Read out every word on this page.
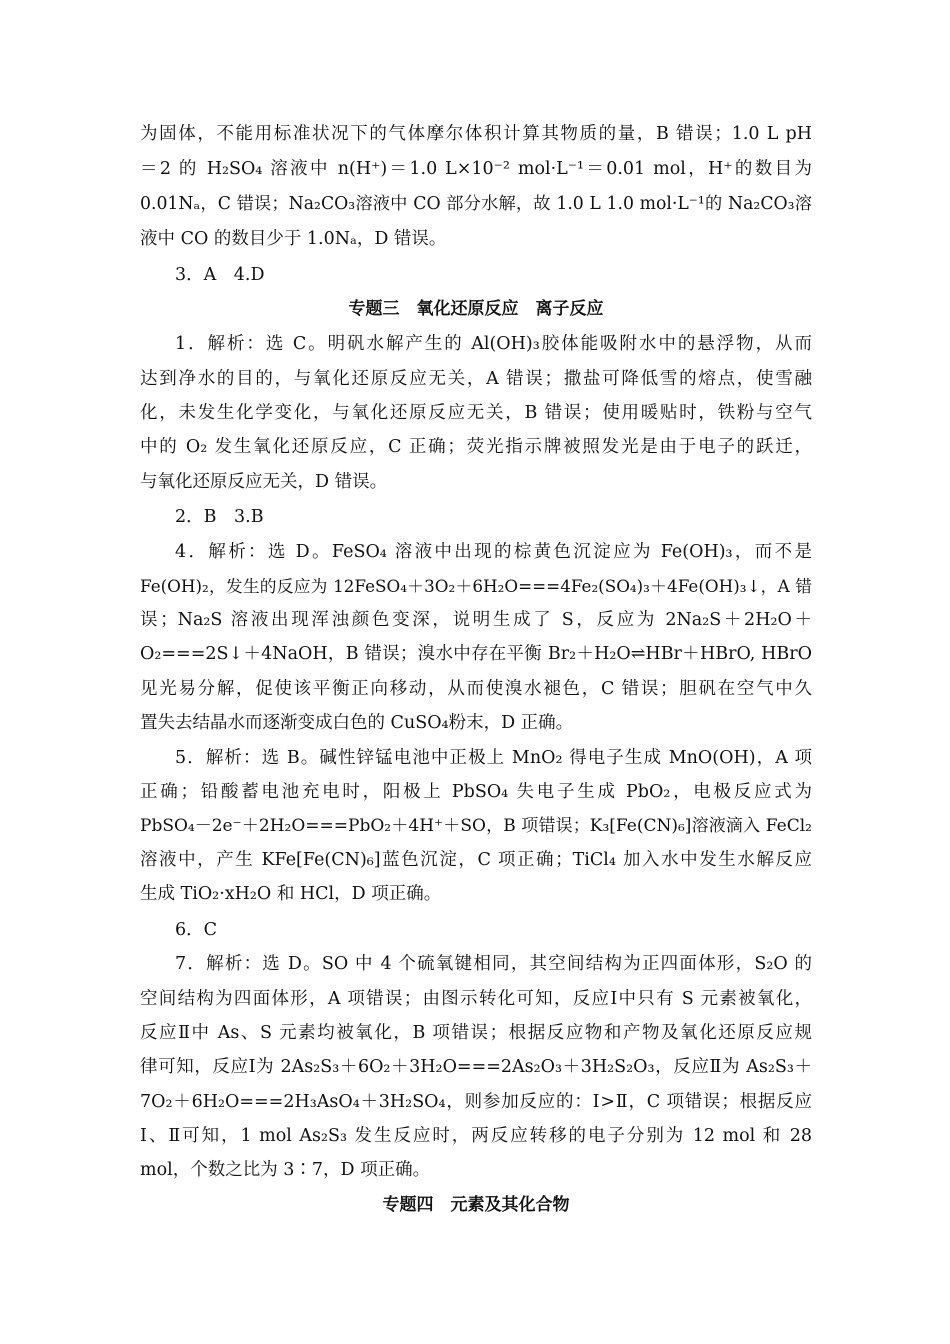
为固体，不能用标准状况下的气体摩尔体积计算其物质的量，B 错误；1.0 L pH
＝2 的 H₂SO₄ 溶液中 n(H⁺)＝1.0 L×10⁻² mol·L⁻¹＝0.01 mol，H⁺的数目为
0.01Nₐ，C 错误；Na₂CO₃溶液中 CO 部分水解，故 1.0 L 1.0 mol·L⁻¹的 Na₂CO₃溶
液中 CO 的数目少于 1.0Nₐ，D 错误。
3．A　4.D
专题三　氧化还原反应　离子反应
1．解析：选 C。明矾水解产生的 Al(OH)₃胶体能吸附水中的悬浮物，从而
达到净水的目的，与氧化还原反应无关，A 错误；撒盐可降低雪的熔点，使雪融
化，未发生化学变化，与氧化还原反应无关，B 错误；使用暖贴时，铁粉与空气
中的 O₂ 发生氧化还原反应，C 正确；荧光指示牌被照发光是由于电子的跃迁，
与氧化还原反应无关，D 错误。
2．B　3.B
4．解析：选 D。FeSO₄ 溶液中出现的棕黄色沉淀应为 Fe(OH)₃，而不是
Fe(OH)₂，发生的反应为 12FeSO₄＋3O₂＋6H₂O===4Fe₂(SO₄)₃＋4Fe(OH)₃↓，A 错
误；Na₂S 溶液出现浑浊颜色变深，说明生成了 S，反应为 2Na₂S＋2H₂O＋
O₂===2S↓＋4NaOH，B 错误；溴水中存在平衡 Br₂＋H₂O⇌HBr＋HBrO, HBrO
见光易分解，促使该平衡正向移动，从而使溴水褪色，C 错误；胆矾在空气中久
置失去结晶水而逐渐变成白色的 CuSO₄粉末，D 正确。
5．解析：选 B。碱性锌锰电池中正极上 MnO₂ 得电子生成 MnO(OH)，A 项
正确；铅酸蓄电池充电时，阳极上 PbSO₄ 失电子生成 PbO₂，电极反应式为
PbSO₄－2e⁻＋2H₂O===PbO₂＋4H⁺＋SO，B 项错误；K₃[Fe(CN)₆]溶液滴入 FeCl₂
溶液中，产生 KFe[Fe(CN)₆]蓝色沉淀，C 项正确；TiCl₄ 加入水中发生水解反应
生成 TiO₂·xH₂O 和 HCl，D 项正确。
6．C
7．解析：选 D。SO 中 4 个硫氧键相同，其空间结构为正四面体形，S₂O 的
空间结构为四面体形，A 项错误；由图示转化可知，反应Ⅰ中只有 S 元素被氧化，
反应Ⅱ中 As、S 元素均被氧化，B 项错误；根据反应物和产物及氧化还原反应规
律可知，反应Ⅰ为 2As₂S₃＋6O₂＋3H₂O===2As₂O₃＋3H₂S₂O₃，反应Ⅱ为 As₂S₃＋
7O₂＋6H₂O===2H₃AsO₄＋3H₂SO₄，则参加反应的：Ⅰ>Ⅱ，C 项错误；根据反应
Ⅰ、Ⅱ可知，1 mol As₂S₃ 发生反应时，两反应转移的电子分别为 12 mol 和 28
mol，个数之比为 3∶7，D 项正确。
专题四　元素及其化合物
